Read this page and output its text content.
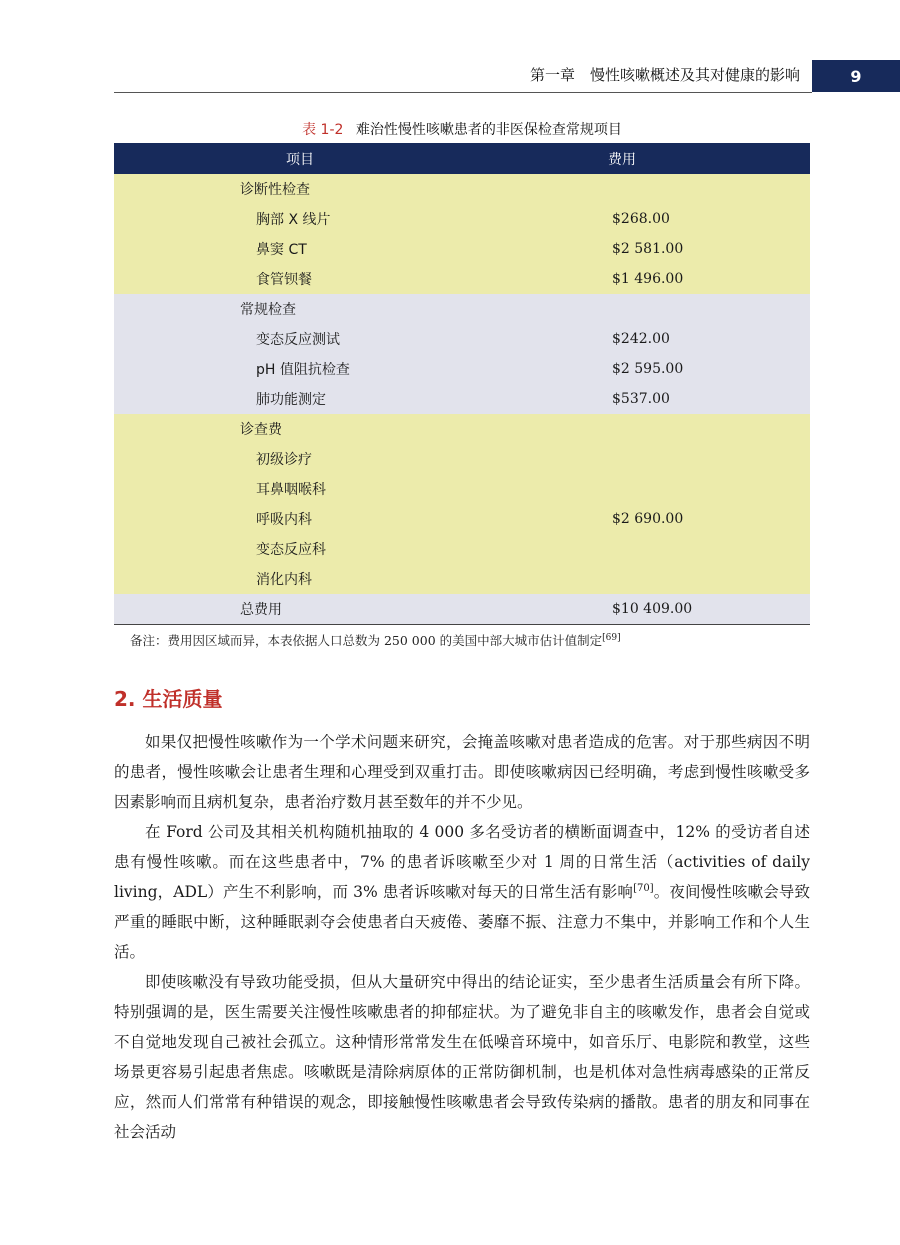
第一章　慢性咳嗽概述及其对健康的影响	9
表 1-2 难治性慢性咳嗽患者的非医保检查常规项目
项目	费用
诊断性检查	
胸部 X 线片	$268.00
鼻窦 CT	$2 581.00
食管钡餐	$1 496.00
常规检查	
变态反应测试	$242.00
pH 值阻抗检查	$2 595.00
肺功能测定	$537.00
诊查费	
初级诊疗	
耳鼻咽喉科	
呼吸内科	$2 690.00
变态反应科	
消化内科	
总费用	$10 409.00
备注：费用因区域而异，本表依据人口总数为 250 000 的美国中部大城市估计值制定[69]
2. 生活质量

如果仅把慢性咳嗽作为一个学术问题来研究，会掩盖咳嗽对患者造成的危害。对于那些病因不明的患者，慢性咳嗽会让患者生理和心理受到双重打击。即使咳嗽病因已经明确，考虑到慢性咳嗽受多因素影响而且病机复杂，患者治疗数月甚至数年的并不少见。

在 Ford 公司及其相关机构随机抽取的 4 000 多名受访者的横断面调查中，12% 的受访者自述患有慢性咳嗽。而在这些患者中，7% 的患者诉咳嗽至少对 1 周的日常生活（activities of daily living，ADL）产生不利影响，而 3% 患者诉咳嗽对每天的日常生活有影响[70]。夜间慢性咳嗽会导致严重的睡眠中断，这种睡眠剥夺会使患者白天疲倦、萎靡不振、注意力不集中，并影响工作和个人生活。

即使咳嗽没有导致功能受损，但从大量研究中得出的结论证实，至少患者生活质量会有所下降。特别强调的是，医生需要关注慢性咳嗽患者的抑郁症状。为了避免非自主的咳嗽发作，患者会自觉或不自觉地发现自己被社会孤立。这种情形常常发生在低噪音环境中，如音乐厅、电影院和教堂，这些场景更容易引起患者焦虑。咳嗽既是清除病原体的正常防御机制，也是机体对急性病毒感染的正常反应，然而人们常常有种错误的观念，即接触慢性咳嗽患者会导致传染病的播散。患者的朋友和同事在社会活动
